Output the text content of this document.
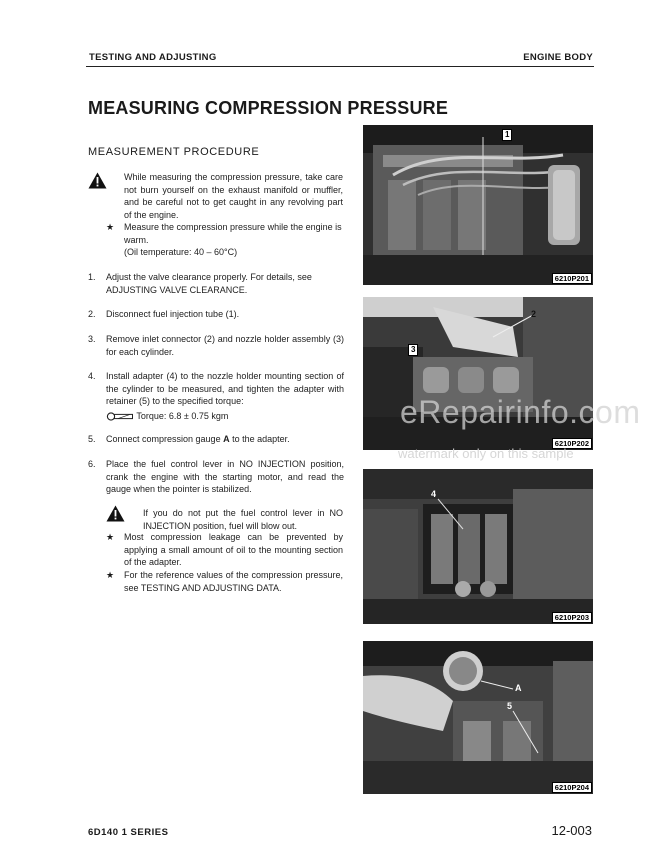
TESTING AND ADJUSTING	ENGINE BODY
MEASURING COMPRESSION PRESSURE
MEASUREMENT PROCEDURE
While measuring the compression pressure, take care not burn yourself on the exhaust manifold or muffler, and be careful not to get caught in any revolving part of the engine.
★ Measure the compression pressure while the engine is warm.
(Oil temperature: 40 – 60°C)
1. Adjust the valve clearance properly. For details, see
ADJUSTING VALVE CLEARANCE.
2. Disconnect fuel injection tube (1).
3. Remove inlet connector (2) and nozzle holder assembly (3) for each cylinder.
4. Install adapter (4) to the nozzle holder mounting section of the cylinder to be measured, and tighten the adapter with retainer (5) to the specified torque:
Torque: 6.8 ± 0.75 kgm
5. Connect compression gauge A to the adapter.
6. Place the fuel control lever in NO INJECTION position, crank the engine with the starting motor, and read the gauge when the pointer is stabilized.
If you do not put the fuel control lever in NO INJECTION position, fuel will blow out.
★ Most compression leakage can be prevented by applying a small amount of oil to the mounting section of the adapter.
★ For the reference values of the compression pressure, see TESTING AND ADJUSTING DATA.
1
6210P201
3
2
6210P202
4
6210P203
A
5
6210P204
eRepairinfo.com
watermark only on this sample
6D140 1 SERIES	12-003
